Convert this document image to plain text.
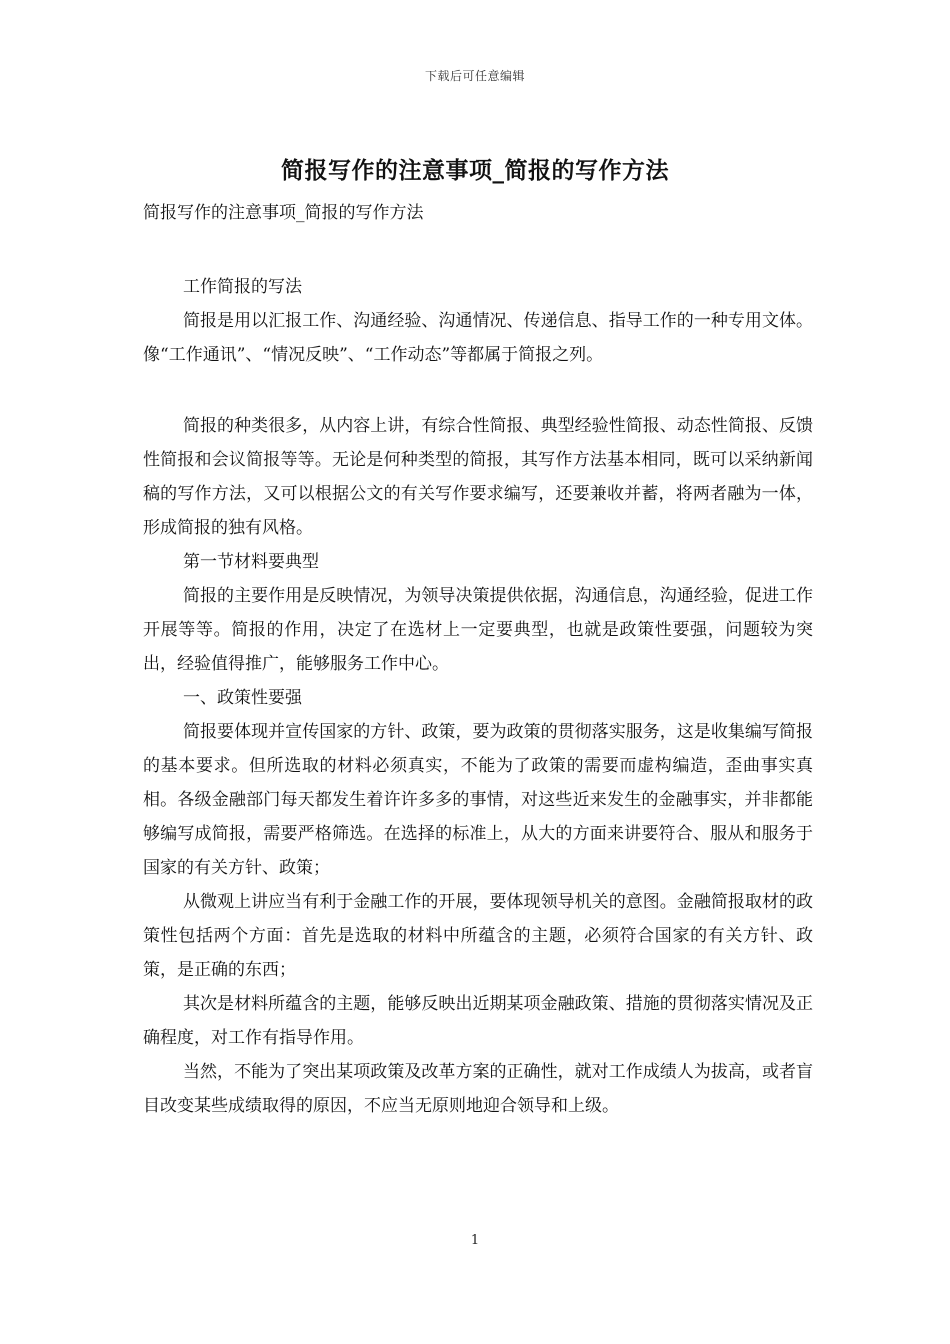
下载后可任意编辑
简报写作的注意事项_简报的写作方法

简报写作的注意事项_简报的写作方法

工作简报的写法

简报是用以汇报工作、沟通经验、沟通情况、传递信息、指导工作的一种专用文体。像“工作通讯”、“情况反映”、“工作动态”等都属于简报之列。

简报的种类很多，从内容上讲，有综合性简报、典型经验性简报、动态性简报、反馈性简报和会议简报等等。无论是何种类型的简报，其写作方法基本相同，既可以采纳新闻稿的写作方法，又可以根据公文的有关写作要求编写，还要兼收并蓄，将两者融为一体，形成简报的独有风格。

第一节材料要典型

简报的主要作用是反映情况，为领导决策提供依据，沟通信息，沟通经验，促进工作开展等等。简报的作用，决定了在选材上一定要典型，也就是政策性要强，问题较为突出，经验值得推广，能够服务工作中心。

一、政策性要强

简报要体现并宣传国家的方针、政策，要为政策的贯彻落实服务，这是收集编写简报的基本要求。但所选取的材料必须真实，不能为了政策的需要而虚构编造，歪曲事实真相。各级金融部门每天都发生着许许多多的事情，对这些近来发生的金融事实，并非都能够编写成简报，需要严格筛选。在选择的标准上，从大的方面来讲要符合、服从和服务于国家的有关方针、政策；

从微观上讲应当有利于金融工作的开展，要体现领导机关的意图。金融简报取材的政策性包括两个方面：首先是选取的材料中所蕴含的主题，必须符合国家的有关方针、政策，是正确的东西；

其次是材料所蕴含的主题，能够反映出近期某项金融政策、措施的贯彻落实情况及正确程度，对工作有指导作用。

当然，不能为了突出某项政策及改革方案的正确性，就对工作成绩人为拔高，或者盲目改变某些成绩取得的原因，不应当无原则地迎合领导和上级。

1
